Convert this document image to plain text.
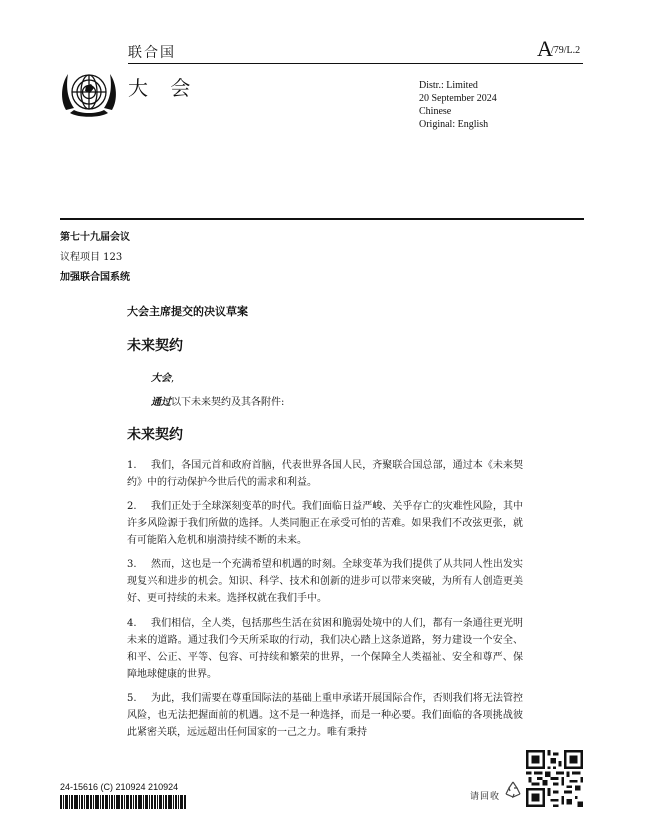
联合国	A
/79/L.2
大 会	Distr.: Limited
20 September 2024
Chinese
Original: English
第七十九届会议
议程项目 123
加强联合国系统
大会主席提交的决议草案
未来契约
大会,
通过以下未来契约及其各附件:
未来契约
1. 我们，各国元首和政府首脑，代表世界各国人民，齐聚联合国总部，通过本《未来契约》中的行动保护今世后代的需求和利益。
2. 我们正处于全球深刻变革的时代。我们面临日益严峻、关乎存亡的灾难性风险，其中许多风险源于我们所做的选择。人类同胞正在承受可怕的苦难。如果我们不改弦更张，就有可能陷入危机和崩溃持续不断的未来。
3. 然而，这也是一个充满希望和机遇的时刻。全球变革为我们提供了从共同人性出发实现复兴和进步的机会。知识、科学、技术和创新的进步可以带来突破，为所有人创造更美好、更可持续的未来。选择权就在我们手中。
4. 我们相信，全人类，包括那些生活在贫困和脆弱处境中的人们，都有一条通往更光明未来的道路。通过我们今天所采取的行动，我们决心踏上这条道路，努力建设一个安全、和平、公正、平等、包容、可持续和繁荣的世界，一个保障全人类福祉、安全和尊严、保障地球健康的世界。
5. 为此，我们需要在尊重国际法的基础上重申承诺开展国际合作，否则我们将无法管控风险，也无法把握面前的机遇。这不是一种选择，而是一种必要。我们面临的各项挑战彼此紧密关联，远远超出任何国家的一己之力。唯有秉持
24-15616 (C) 210924 210924
请回收
